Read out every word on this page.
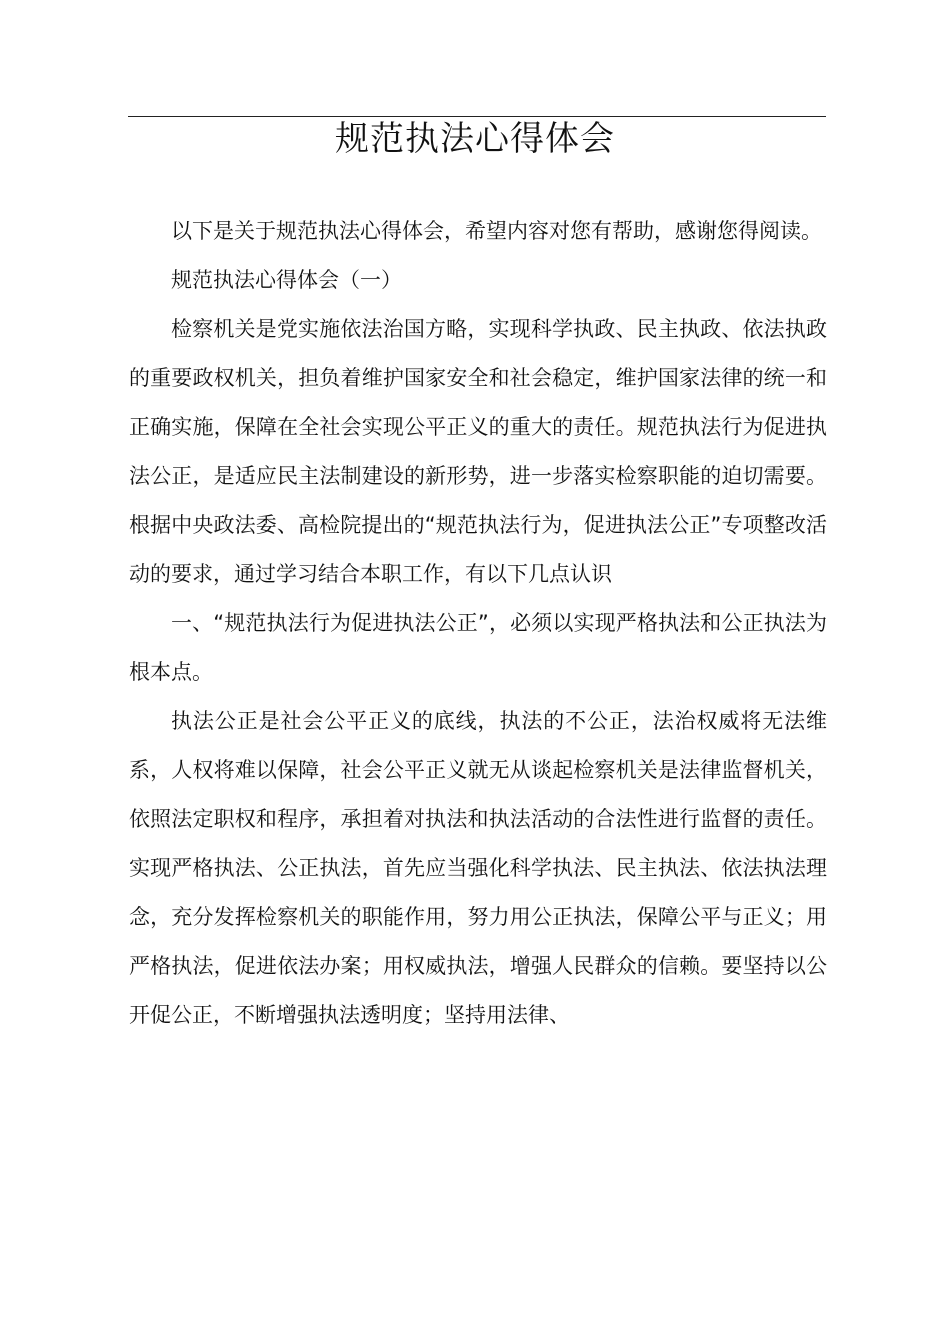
规范执法心得体会

以下是关于规范执法心得体会，希望内容对您有帮助，感谢您得阅读。

规范执法心得体会（一）

检察机关是党实施依法治国方略，实现科学执政、民主执政、依法执政的重要政权机关，担负着维护国家安全和社会稳定，维护国家法律的统一和正确实施，保障在全社会实现公平正义的重大的责任。规范执法行为促进执法公正，是适应民主法制建设的新形势，进一步落实检察职能的迫切需要。根据中央政法委、高检院提出的“规范执法行为，促进执法公正”专项整改活动的要求，通过学习结合本职工作，有以下几点认识

一、“规范执法行为促进执法公正”，必须以实现严格执法和公正执法为根本点。

执法公正是社会公平正义的底线，执法的不公正，法治权威将无法维系，人权将难以保障，社会公平正义就无从谈起检察机关是法律监督机关，依照法定职权和程序，承担着对执法和执法活动的合法性进行监督的责任。实现严格执法、公正执法，首先应当强化科学执法、民主执法、依法执法理念，充分发挥检察机关的职能作用，努力用公正执法，保障公平与正义；用严格执法，促进依法办案；用权威执法，增强人民群众的信赖。要坚持以公开促公正，不断增强执法透明度；坚持用法律、
